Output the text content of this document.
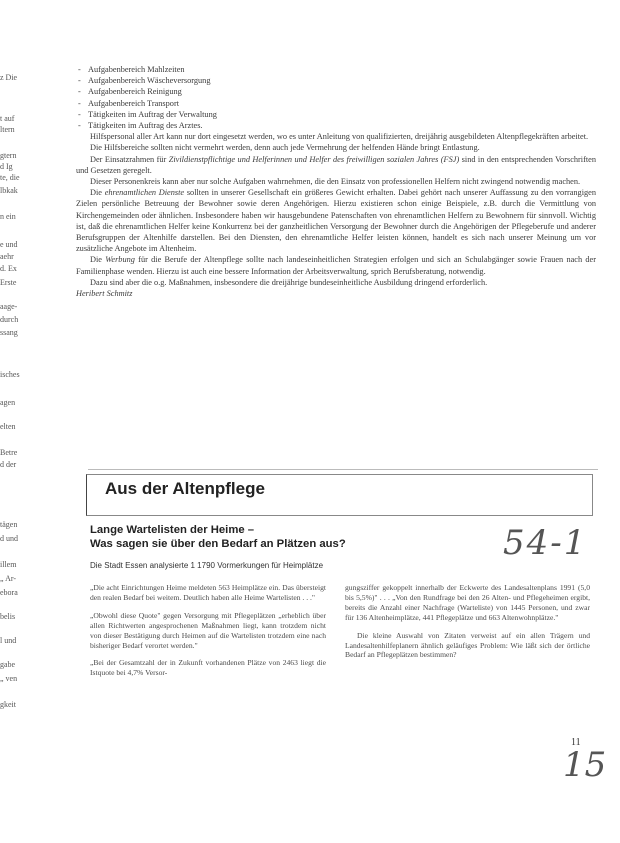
z Die
t auf
ltern
gtern
d Ig
te, die
lbkak
n ein
e und
aehr
d. Ex
Erste
aage-
durch
ssang
isches
agen
elten
Betre
d der
tägen
d und
illem
„ Ar-
ebora
belis
l und
gabe
„ ven
gkeit

- Aufgabenbereich Mahlzeiten

- Aufgabenbereich Wäscheversorgung

- Aufgabenbereich Reinigung

- Aufgabenbereich Transport

- Tätigkeiten im Auftrag der Verwaltung

- Tätigkeiten im Auftrag des Arztes.

Hilfspersonal aller Art kann nur dort eingesetzt werden, wo es unter Anleitung von qualifizierten, dreijährig ausgebildeten Altenpflegekräften arbeitet.

Die Hilfsbereiche sollten nicht vermehrt werden, denn auch jede Vermehrung der helfenden Hände bringt Entlastung.

Der Einsatzrahmen für Zivildienstpflichtige und Helferinnen und Helfer des freiwilligen sozialen Jahres (FSJ) sind in den entsprechenden Vorschriften und Gesetzen geregelt.

Dieser Personenkreis kann aber nur solche Aufgaben wahrnehmen, die den Einsatz von professionellen Helfern nicht zwingend notwendig machen.

Die ehrenamtlichen Dienste sollten in unserer Gesellschaft ein größeres Gewicht erhalten. Dabei gehört nach unserer Auffassung zu den vorrangigen Zielen persönliche Betreuung der Bewohner sowie deren Angehörigen. Hierzu existieren schon einige Beispiele, z.B. durch die Vermittlung von Kirchengemeinden oder ähnlichen. Insbesondere haben wir hausgebundene Patenschaften von ehrenamtlichen Helfern zu Bewohnern für sinnvoll. Wichtig ist, daß die ehrenamtlichen Helfer keine Konkurrenz bei der ganzheitlichen Versorgung der Bewohner durch die Angehörigen der Pflegeberufe und anderer Berufsgruppen der Altenhilfe darstellen. Bei den Diensten, den ehrenamtliche Helfer leisten können, handelt es sich nach unserer Meinung um vor zusätzliche Angebote im Altenheim.

Die Werbung für die Berufe der Altenpflege sollte nach landeseinheitlichen Strategien erfolgen und sich an Schulabgänger sowie Frauen nach der Familienphase wenden. Hierzu ist auch eine bessere Information der Arbeitsverwaltung, sprich Berufsberatung, notwendig.

Dazu sind aber die o.g. Maßnahmen, insbesondere die dreijährige bundeseinheitliche Ausbildung dringend erforderlich.

Heribert Schmitz

Aus der Altenpflege
Lange Wartelisten der Heime –
Was sagen sie über den Bedarf an Plätzen aus?
Die Stadt Essen analysierte 1 1790 Vormerkungen für Heimplätze
54-1

„Die acht Einrichtungen Heime meldeten 563 Heimplätze ein. Das übersteigt den realen Bedarf bei weitem. Deutlich haben alle Heime Wartelisten . . ."

„Obwohl diese Quote" gegen Versorgung mit Pflegeplätzen „erheblich über allen Richtwerten angesprochenen Maßnahmen liegt, kann trotzdem nicht von dieser Bestätigung durch Heimen auf die Wartelisten trotzdem eine nach bisheriger Bedarf verortet werden."

„Bei der Gesamtzahl der in Zukunft vorhandenen Plätze von 2463 liegt die Istquote bei 4,7% Versor-

gungsziffer gekoppelt innerhalb der Eckwerte des Landesaltenplans 1991 (5,0 bis 5,5%)" . . . „Von den Rundfrage bei den 26 Alten- und Pflegeheimen ergibt, bereits die Anzahl einer Nachfrage (Warteliste) von 1445 Personen, und zwar für 136 Altenheimplätze, 441 Pflegeplätze und 663 Altenwohnplätze."

Die kleine Auswahl von Zitaten verweist auf ein allen Trägern und Landesaltenhilfeplanern ähnlich geläufiges Problem: Wie läßt sich der örtliche Bedarf an Pflegeplätzen bestimmen?

11
15
